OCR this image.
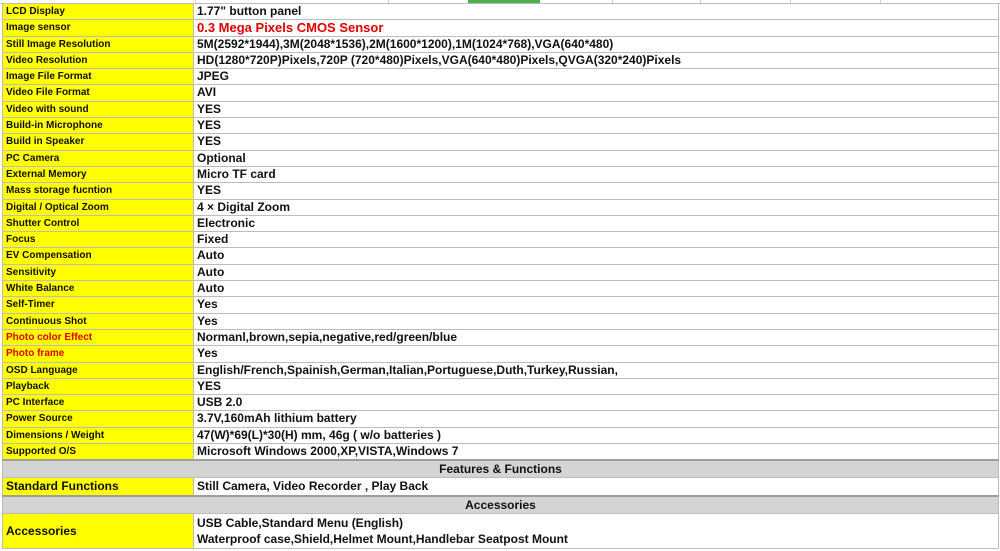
LCD Display	1.77" button panel
Image sensor	0.3 Mega Pixels CMOS Sensor
Still Image Resolution	5M(2592*1944),3M(2048*1536),2M(1600*1200),1M(1024*768),VGA(640*480)
Video Resolution	HD(1280*720P)Pixels,720P (720*480)Pixels,VGA(640*480)Pixels,QVGA(320*240)Pixels
Image File Format	JPEG
Video File Format	AVI
Video with sound	YES
Build-in Microphone	YES
Build in Speaker	YES
PC Camera	Optional
External Memory	Micro TF card
Mass storage fucntion	YES
Digital / Optical Zoom	4 × Digital Zoom
Shutter Control	Electronic
Focus	Fixed
EV Compensation	Auto
Sensitivity	Auto
White Balance	Auto
Self-Timer	Yes
Continuous Shot	Yes
Photo color Effect	Normanl,brown,sepia,negative,red/green/blue
Photo frame	Yes
OSD Language	English/French,Spainish,German,Italian,Portuguese,Duth,Turkey,Russian,
Playback	YES
PC Interface	USB 2.0
Power Source	3.7V,160mAh lithium battery
Dimensions / Weight	47(W)*69(L)*30(H) mm, 46g ( w/o batteries )
Supported O/S	Microsoft Windows 2000,XP,VISTA,Windows 7
Features & Functions	
Standard Functions	Still Camera, Video Recorder , Play Back
Accessories	
Accessories	USB Cable,Standard Menu (English)
Waterproof case,Shield,Helmet Mount,Handlebar Seatpost Mount
